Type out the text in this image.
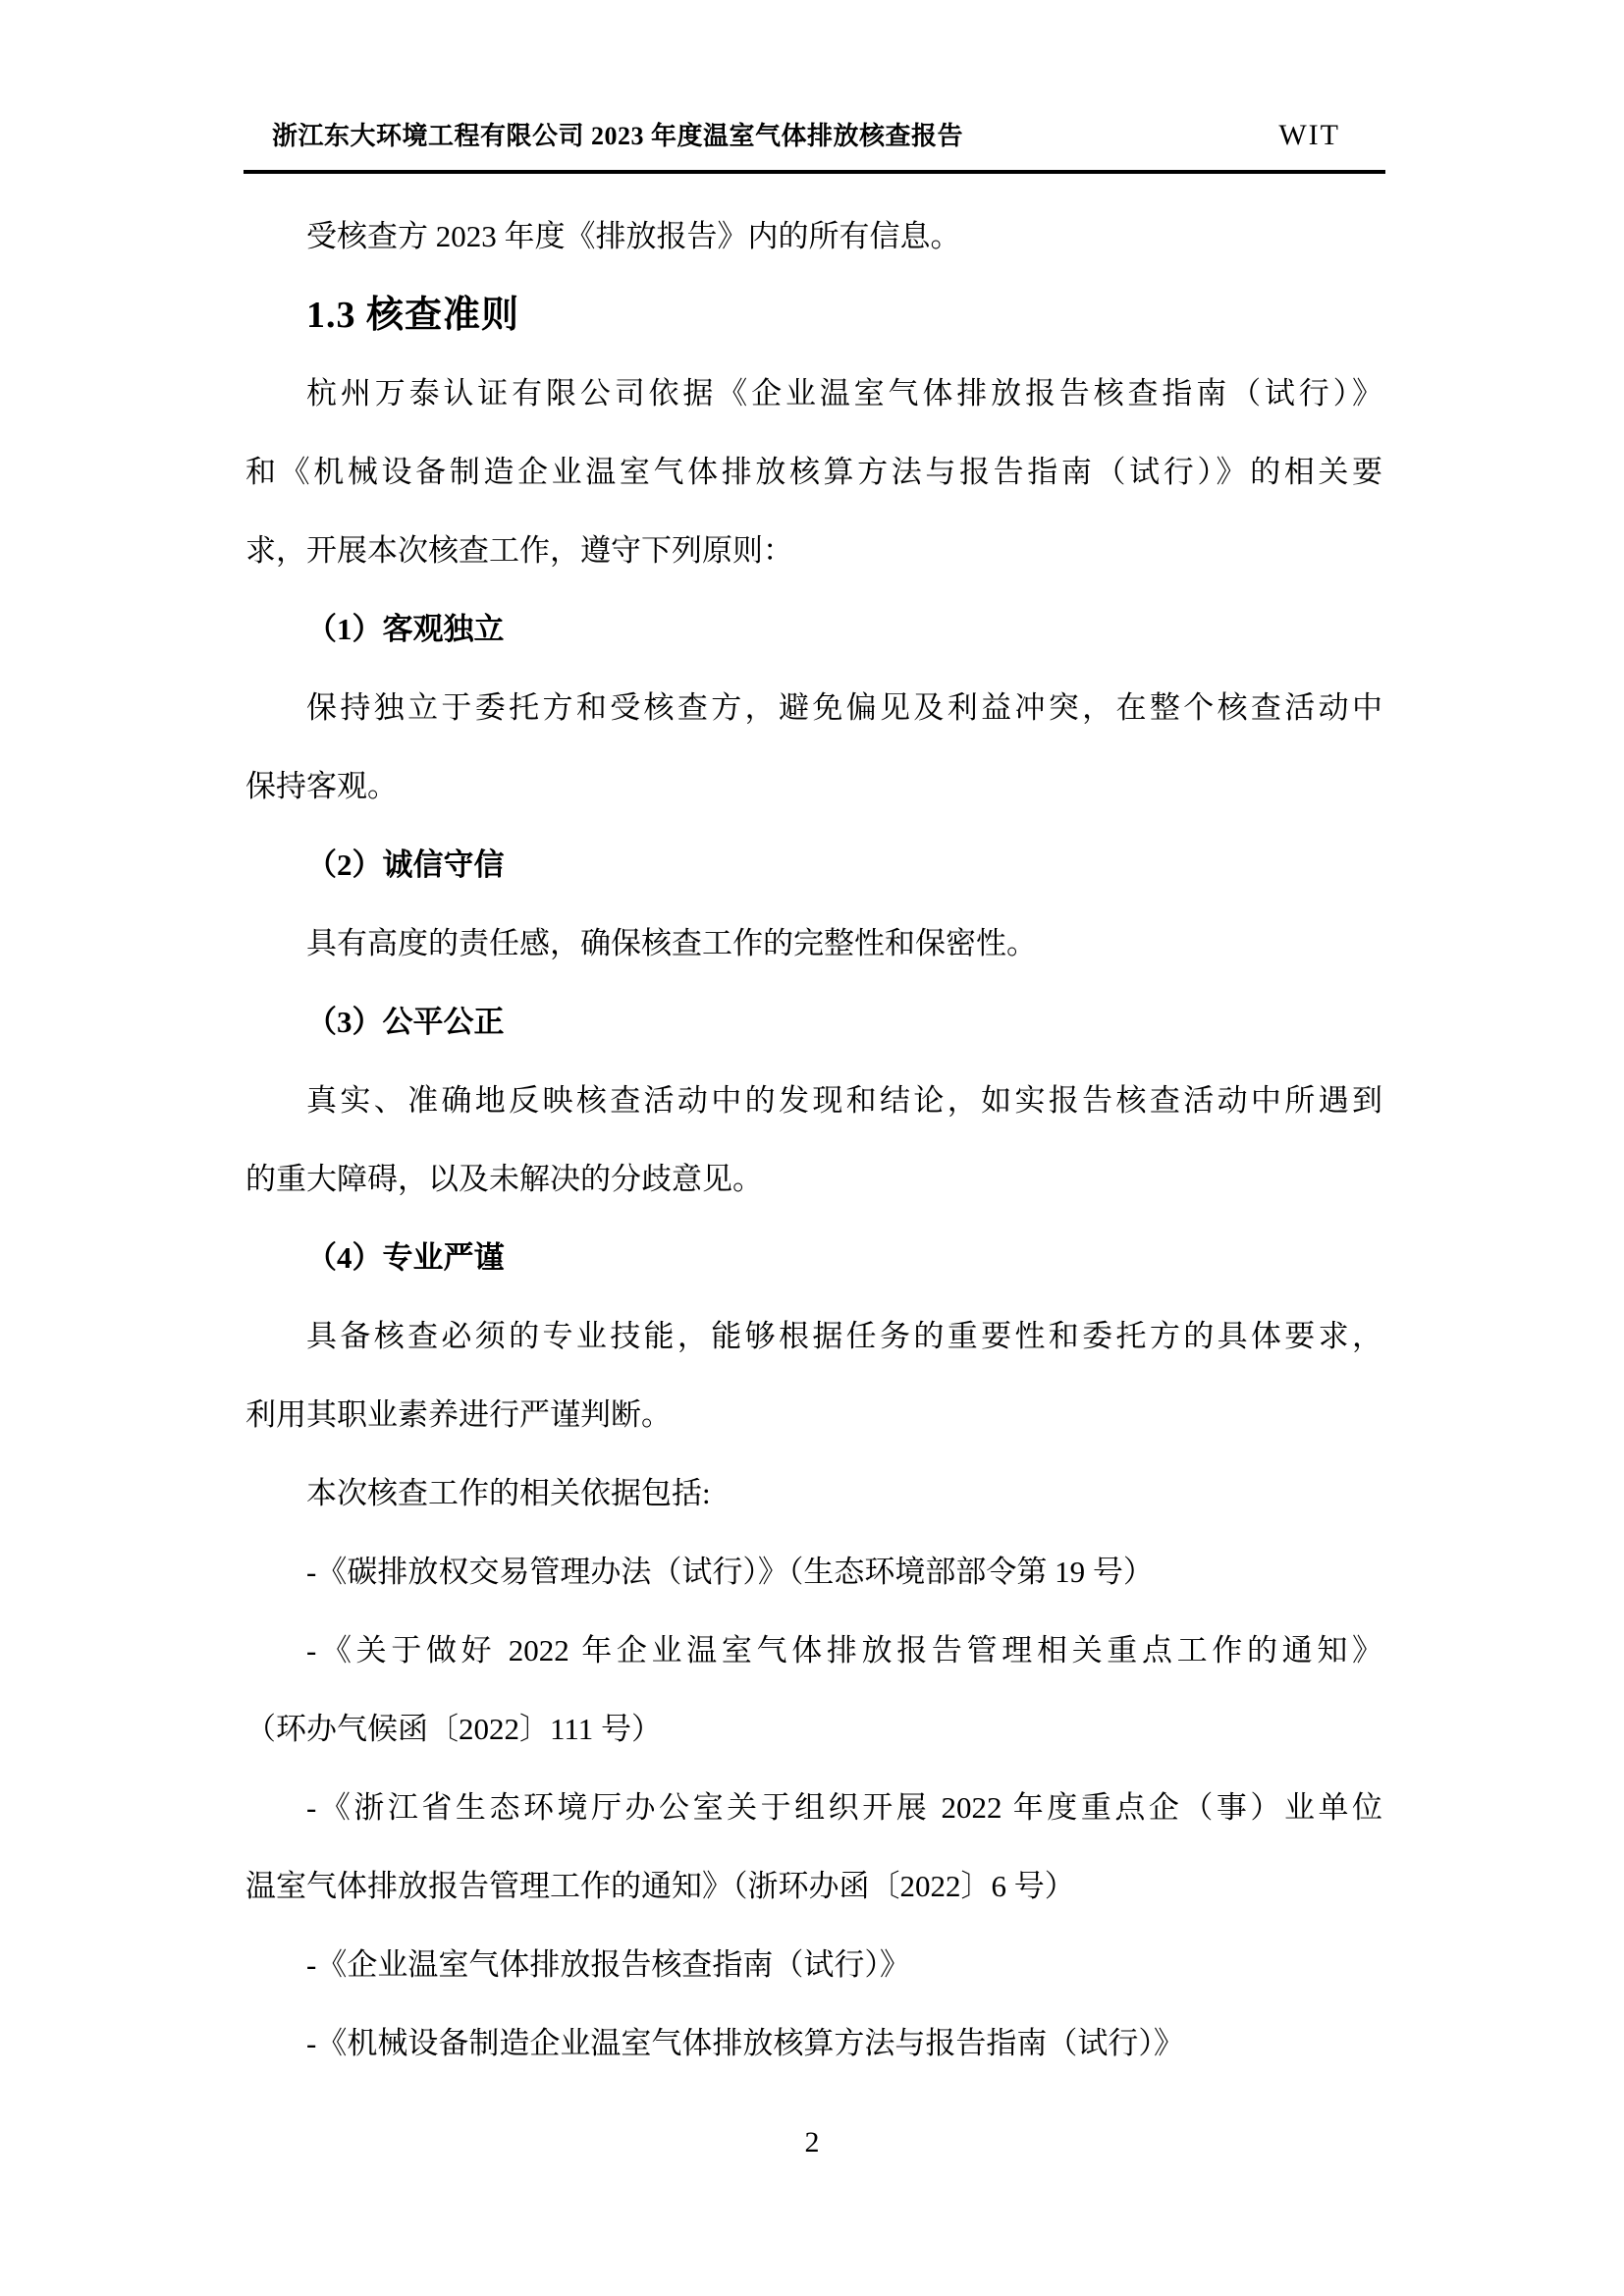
浙江东大环境工程有限公司 2023 年度温室气体排放核查报告	WIT
受核查方 2023 年度《排放报告》内的所有信息。
1.3 核查准则
杭州万泰认证有限公司依据《企业温室气体排放报告核查指南（试行）》
和《机械设备制造企业温室气体排放核算方法与报告指南（试行）》的相关要
求，开展本次核查工作，遵守下列原则：
（1）客观独立
保持独立于委托方和受核查方，避免偏见及利益冲突，在整个核查活动中
保持客观。
（2）诚信守信
具有高度的责任感，确保核查工作的完整性和保密性。
（3）公平公正
真实、准确地反映核查活动中的发现和结论，如实报告核查活动中所遇到
的重大障碍，以及未解决的分歧意见。
（4）专业严谨
具备核查必须的专业技能，能够根据任务的重要性和委托方的具体要求，
利用其职业素养进行严谨判断。
本次核查工作的相关依据包括:
-《碳排放权交易管理办法（试行）》（生态环境部部令第 19 号）
-《关于做好 2022 年企业温室气体排放报告管理相关重点工作的通知》
（环办气候函〔2022〕111 号）
-《浙江省生态环境厅办公室关于组织开展 2022 年度重点企（事）业单位
温室气体排放报告管理工作的通知》（浙环办函〔2022〕6 号）
-《企业温室气体排放报告核查指南（试行）》
-《机械设备制造企业温室气体排放核算方法与报告指南（试行）》
2
